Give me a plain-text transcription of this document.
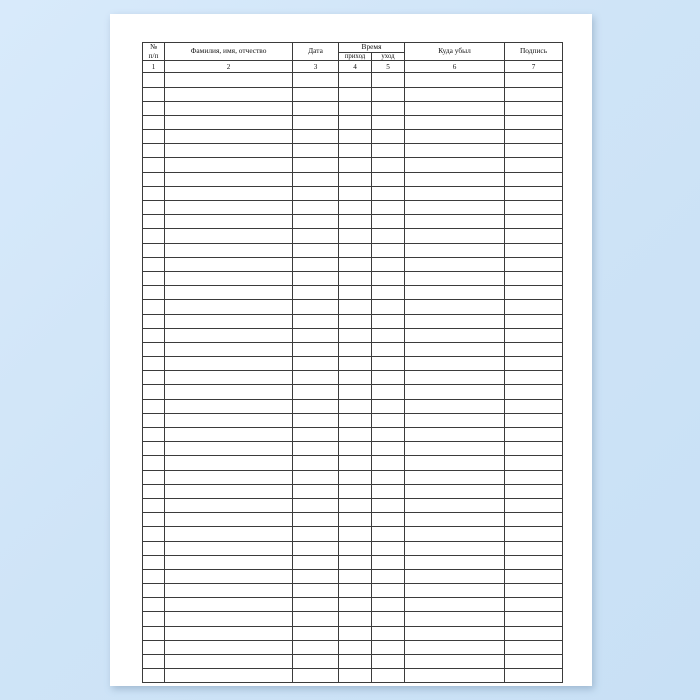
№
п/п	Фамилия, имя, отчество	Дата	Время		Куда убыл	Подпись
			приход	уход		
1	2	3	4	5	6	7
